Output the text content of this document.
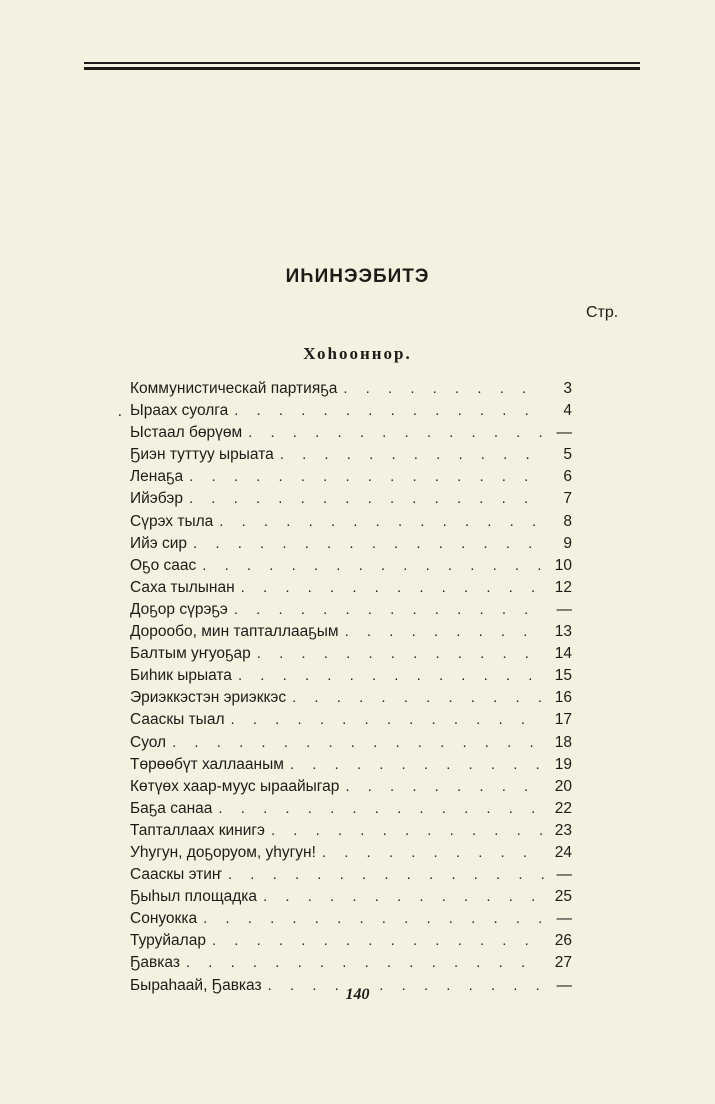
ИҺИНЭЭБИТЭ
Стр.
Хоһооннор.
.
Коммунистическай партияҕа . . .	3
Ыраах суолга . . .	4
Ыстаал бөрүөм . . .	—
Ҕиэн туттуу ырыата . . .	5
Ленаҕа . . .	6
Ийэбэр . . .	7
Сүрэх тыла . . .	8
Ийэ сир . . .	9
Оҕо саас . . .	10
Саха тылынан . . .	12
Доҕор сүрэҕэ . . .	—
Дорообо, мин тапталлааҕым . . .	13
Балтым уҥуоҕар . . .	14
Биһик ырыата . . .	15
Эриэккэстэн эриэккэс . . .	16
Сааскы тыал . . .	17
Суол . . .	18
Төрөөбүт халлааным . . .	19
Көтүөх хаар-муус ыраайыгар . . .	20
Баҕа санаа . . .	22
Тапталлаах кинигэ . . .	23
Уһугун, доҕоруом, уһугун! . . .	24
Сааскы этиҥ . . .	—
Ҕыһыл площадка . . .	25
Сонуокка . . .	—
Туруйалар . . .	26
Ҕавказ . . .	27
Быраһаай, Ҕавказ . . .	—
140
